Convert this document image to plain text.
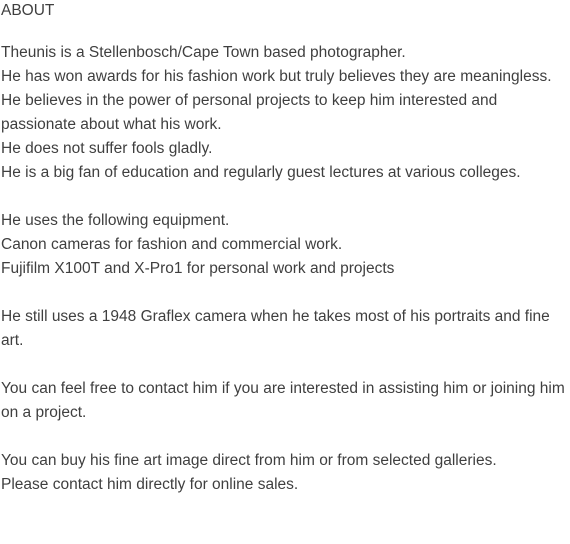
ABOUT
Theunis is a Stellenbosch/Cape Town based photographer.
He has won awards for his fashion work but truly believes they are meaningless.
He believes in the power of personal projects to keep him interested and passionate about what his work.
He does not suffer fools gladly.
He is a big fan of education and regularly guest lectures at various colleges.
He uses the following equipment.
Canon cameras for fashion and commercial work.
Fujifilm X100T and X-Pro1 for personal work and projects

He still uses a 1948 Graflex camera when he takes most of his portraits and fine art.

You can feel free to contact him if you are interested in assisting him or joining him on a project.

You can buy his fine art image direct from him or from selected galleries.
Please contact him directly for online sales.
